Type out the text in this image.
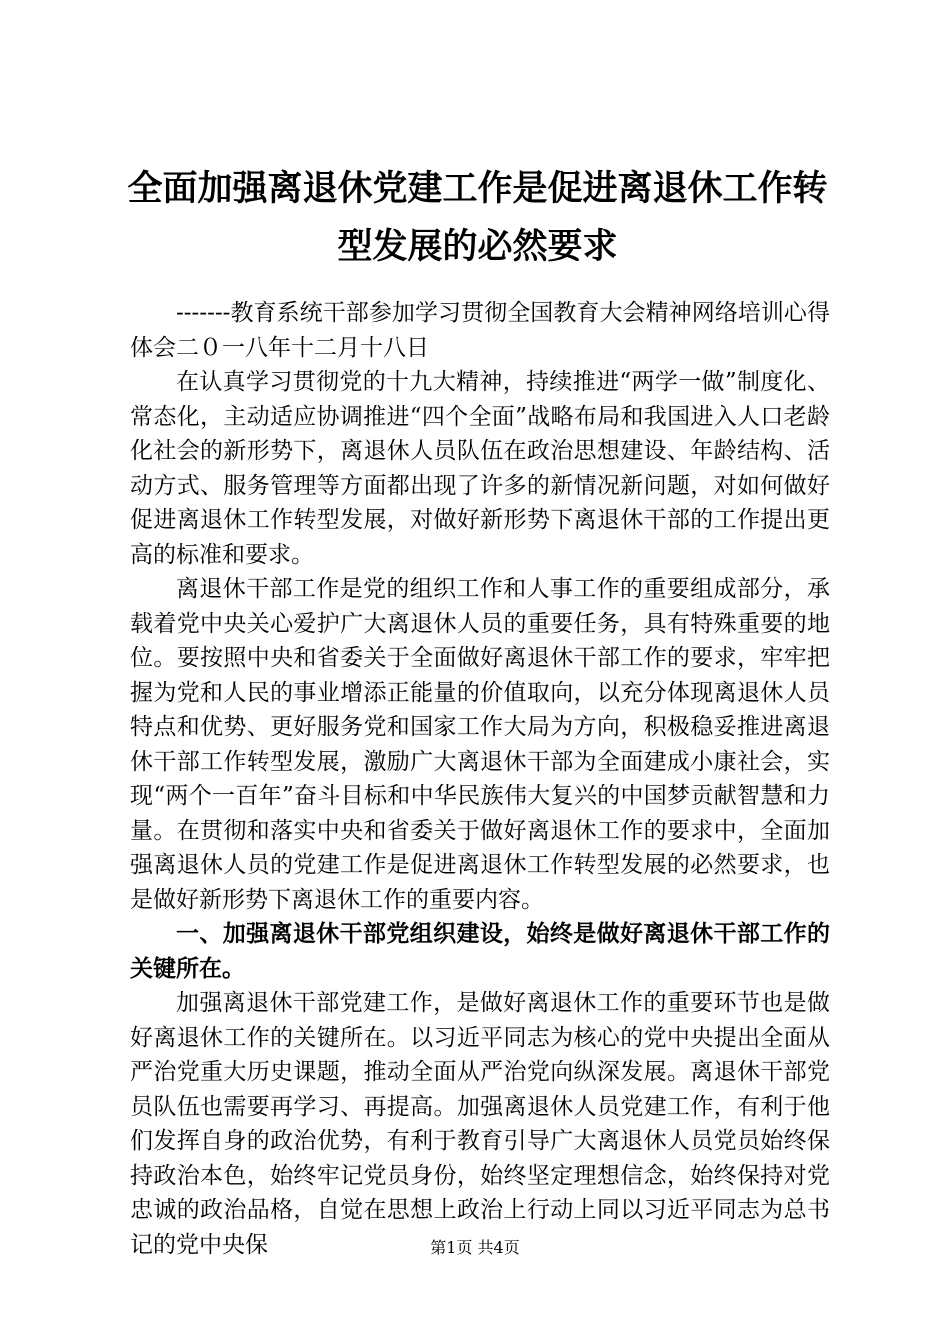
全面加强离退休党建工作是促进离退休工作转型发展的必然要求

-------教育系统干部参加学习贯彻全国教育大会精神网络培训心得体会二０一八年十二月十八日

在认真学习贯彻党的十九大精神，持续推进“两学一做”制度化、常态化，主动适应协调推进“四个全面”战略布局和我国进入人口老龄化社会的新形势下，离退休人员队伍在政治思想建设、年龄结构、活动方式、服务管理等方面都出现了许多的新情况新问题，对如何做好促进离退休工作转型发展，对做好新形势下离退休干部的工作提出更高的标准和要求。

离退休干部工作是党的组织工作和人事工作的重要组成部分，承载着党中央关心爱护广大离退休人员的重要任务，具有特殊重要的地位。要按照中央和省委关于全面做好离退休干部工作的要求，牢牢把握为党和人民的事业增添正能量的价值取向，以充分体现离退休人员特点和优势、更好服务党和国家工作大局为方向，积极稳妥推进离退休干部工作转型发展，激励广大离退休干部为全面建成小康社会，实现“两个一百年”奋斗目标和中华民族伟大复兴的中国梦贡献智慧和力量。在贯彻和落实中央和省委关于做好离退休工作的要求中，全面加强离退休人员的党建工作是促进离退休工作转型发展的必然要求，也是做好新形势下离退休工作的重要内容。

一、加强离退休干部党组织建设，始终是做好离退休干部工作的关键所在。

加强离退休干部党建工作，是做好离退休工作的重要环节也是做好离退休工作的关键所在。以习近平同志为核心的党中央提出全面从严治党重大历史课题，推动全面从严治党向纵深发展。离退休干部党员队伍也需要再学习、再提高。加强离退休人员党建工作，有利于他们发挥自身的政治优势，有利于教育引导广大离退休人员党员始终保持政治本色，始终牢记党员身份，始终坚定理想信念，始终保持对党忠诚的政治品格，自觉在思想上政治上行动上同以习近平同志为总书记的党中央保	第1页 共4页
